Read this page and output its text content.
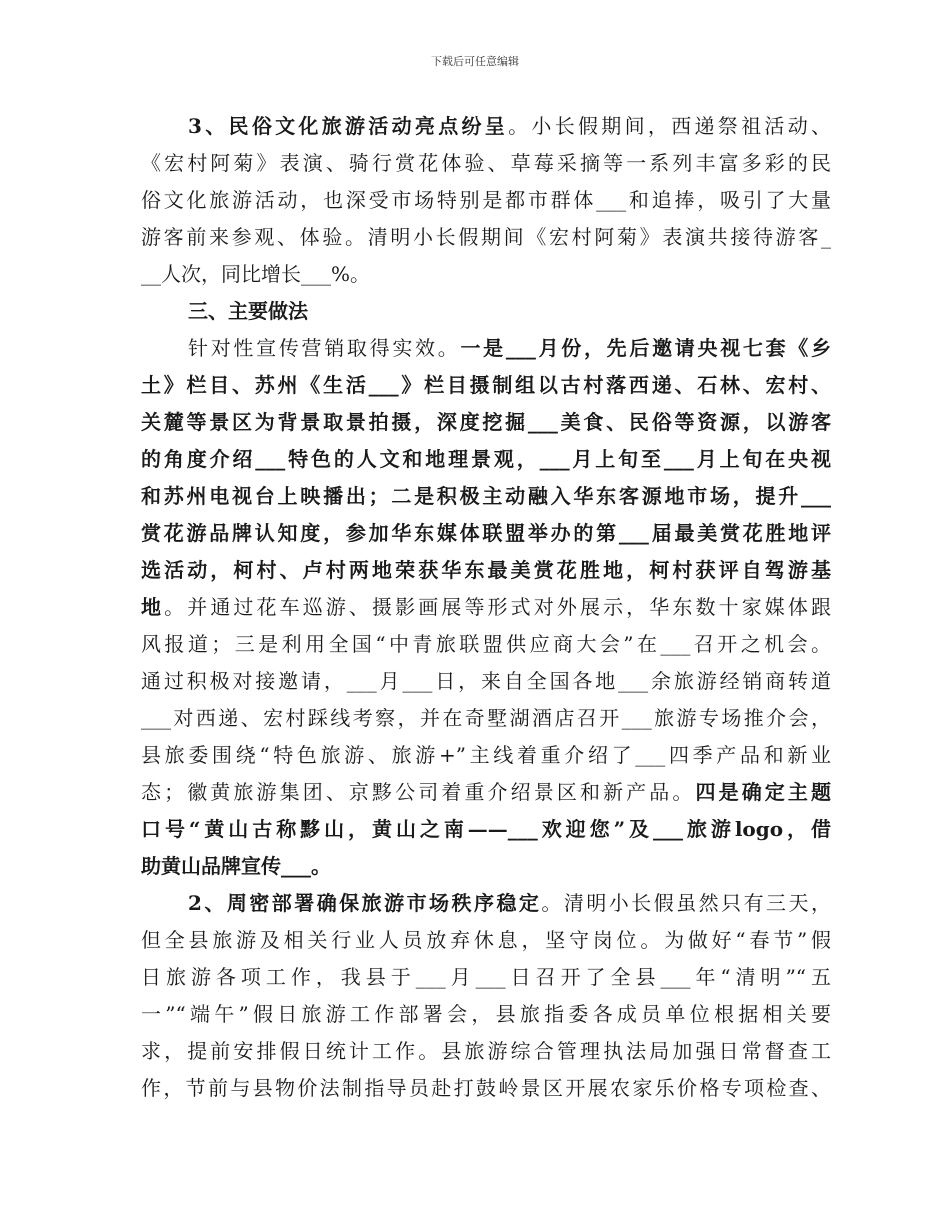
下载后可任意编辑
3、民俗文化旅游活动亮点纷呈。小长假期间，西递祭祖活动、
《宏村阿菊》表演、骑行赏花体验、草莓采摘等一系列丰富多彩的民
俗文化旅游活动，也深受市场特别是都市群体___和追捧，吸引了大量
游客前来参观、体验。清明小长假期间《宏村阿菊》表演共接待游客_
__人次，同比增长___%。
三、主要做法
针对性宣传营销取得实效。一是___月份，先后邀请央视七套《乡
土》栏目、苏州《生活___》栏目摄制组以古村落西递、石林、宏村、
关麓等景区为背景取景拍摄，深度挖掘___美食、民俗等资源，以游客
的角度介绍___特色的人文和地理景观，___月上旬至___月上旬在央视
和苏州电视台上映播出；二是积极主动融入华东客源地市场，提升___
赏花游品牌认知度，参加华东媒体联盟举办的第___届最美赏花胜地评
选活动，柯村、卢村两地荣获华东最美赏花胜地，柯村获评自驾游基
地。并通过花车巡游、摄影画展等形式对外展示，华东数十家媒体跟
风报道；三是利用全国“中青旅联盟供应商大会”在___召开之机会。
通过积极对接邀请，___月___日，来自全国各地___余旅游经销商转道
___对西递、宏村踩线考察，并在奇墅湖酒店召开___旅游专场推介会，
县旅委围绕“特色旅游、旅游+”主线着重介绍了___四季产品和新业
态；徽黄旅游集团、京黟公司着重介绍景区和新产品。四是确定主题
口号“黄山古称黟山，黄山之南——___欢迎您”及___旅游logo，借
助黄山品牌宣传___。
2、周密部署确保旅游市场秩序稳定。清明小长假虽然只有三天，
但全县旅游及相关行业人员放弃休息，坚守岗位。为做好“春节”假
日旅游各项工作，我县于___月___日召开了全县___年“清明”“五
一”“端午”假日旅游工作部署会，县旅指委各成员单位根据相关要
求，提前安排假日统计工作。县旅游综合管理执法局加强日常督查工
作，节前与县物价法制指导员赴打鼓岭景区开展农家乐价格专项检查、
